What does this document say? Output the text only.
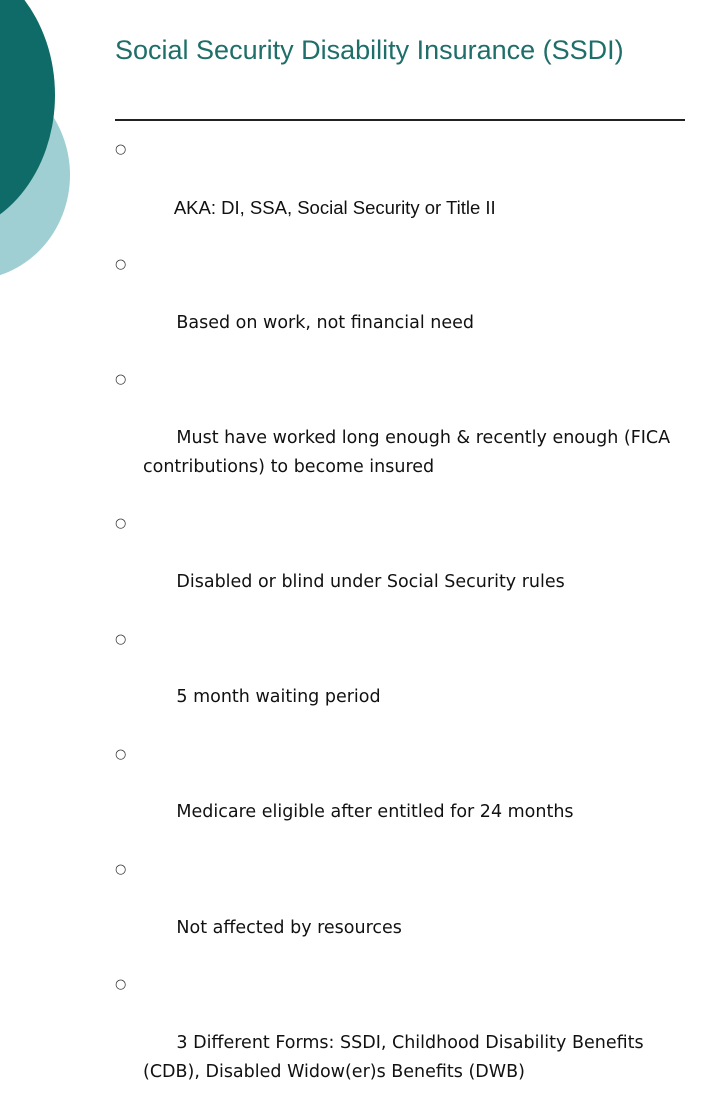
Social Security Disability Insurance (SSDI)

○

AKA: DI, SSA, Social Security or Title II

○

Based on work, not financial need

○

Must have worked long enough & recently enough (FICA contributions) to become insured

○

Disabled or blind under Social Security rules

○

5 month waiting period

○

Medicare eligible after entitled for 24 months

○

Not affected by resources

○

3 Different Forms: SSDI, Childhood Disability Benefits (CDB), Disabled Widow(er)s Benefits (DWB)
